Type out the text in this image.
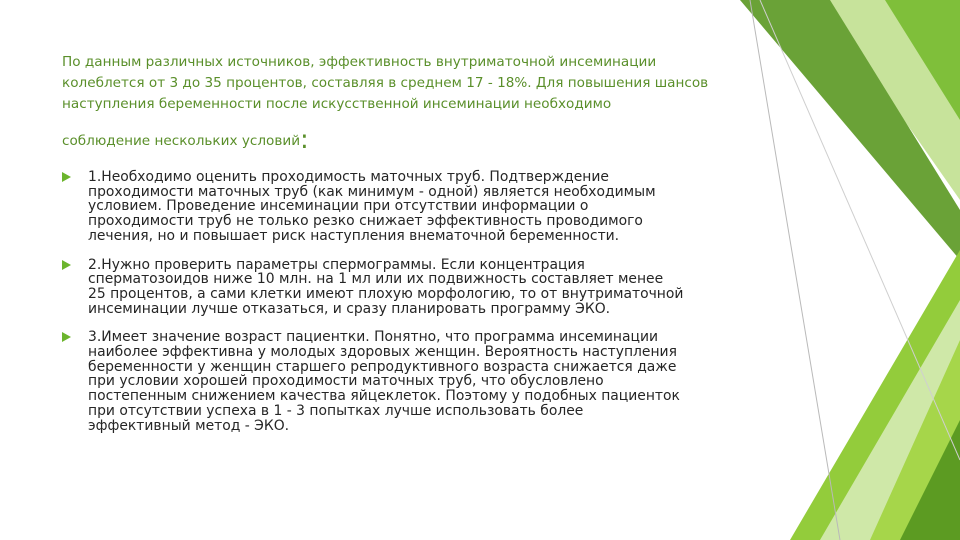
По данным различных источников, эффективность внутриматочной инсеминации
колеблется от 3 до 35 процентов, составляя в среднем 17 - 18%. Для повышения шансов
наступления беременности после искусственной инсеминации необходимо
соблюдение нескольких условий:
1.Необходимо оценить проходимость маточных труб. Подтверждение
проходимости маточных труб (как минимум - одной) является необходимым
условием. Проведение инсеминации при отсутствии информации о
проходимости труб не только резко снижает эффективность проводимого
лечения, но и повышает риск наступления внематочной беременности.
2.Нужно проверить параметры спермограммы. Если концентрация
сперматозоидов ниже 10 млн. на 1 мл или их подвижность составляет менее
25 процентов, а сами клетки имеют плохую морфологию, то от внутриматочной
инсеминации лучше отказаться, и сразу планировать программу ЭКО.
3.Имеет значение возраст пациентки. Понятно, что программа инсеминации
наиболее эффективна у молодых здоровых женщин. Вероятность наступления
беременности у женщин старшего репродуктивного возраста снижается даже
при условии хорошей проходимости маточных труб, что обусловлено
постепенным снижением качества яйцеклеток. Поэтому у подобных пациенток
при отсутствии успеха в 1 - 3 попытках лучше использовать более
эффективный метод - ЭКО.
